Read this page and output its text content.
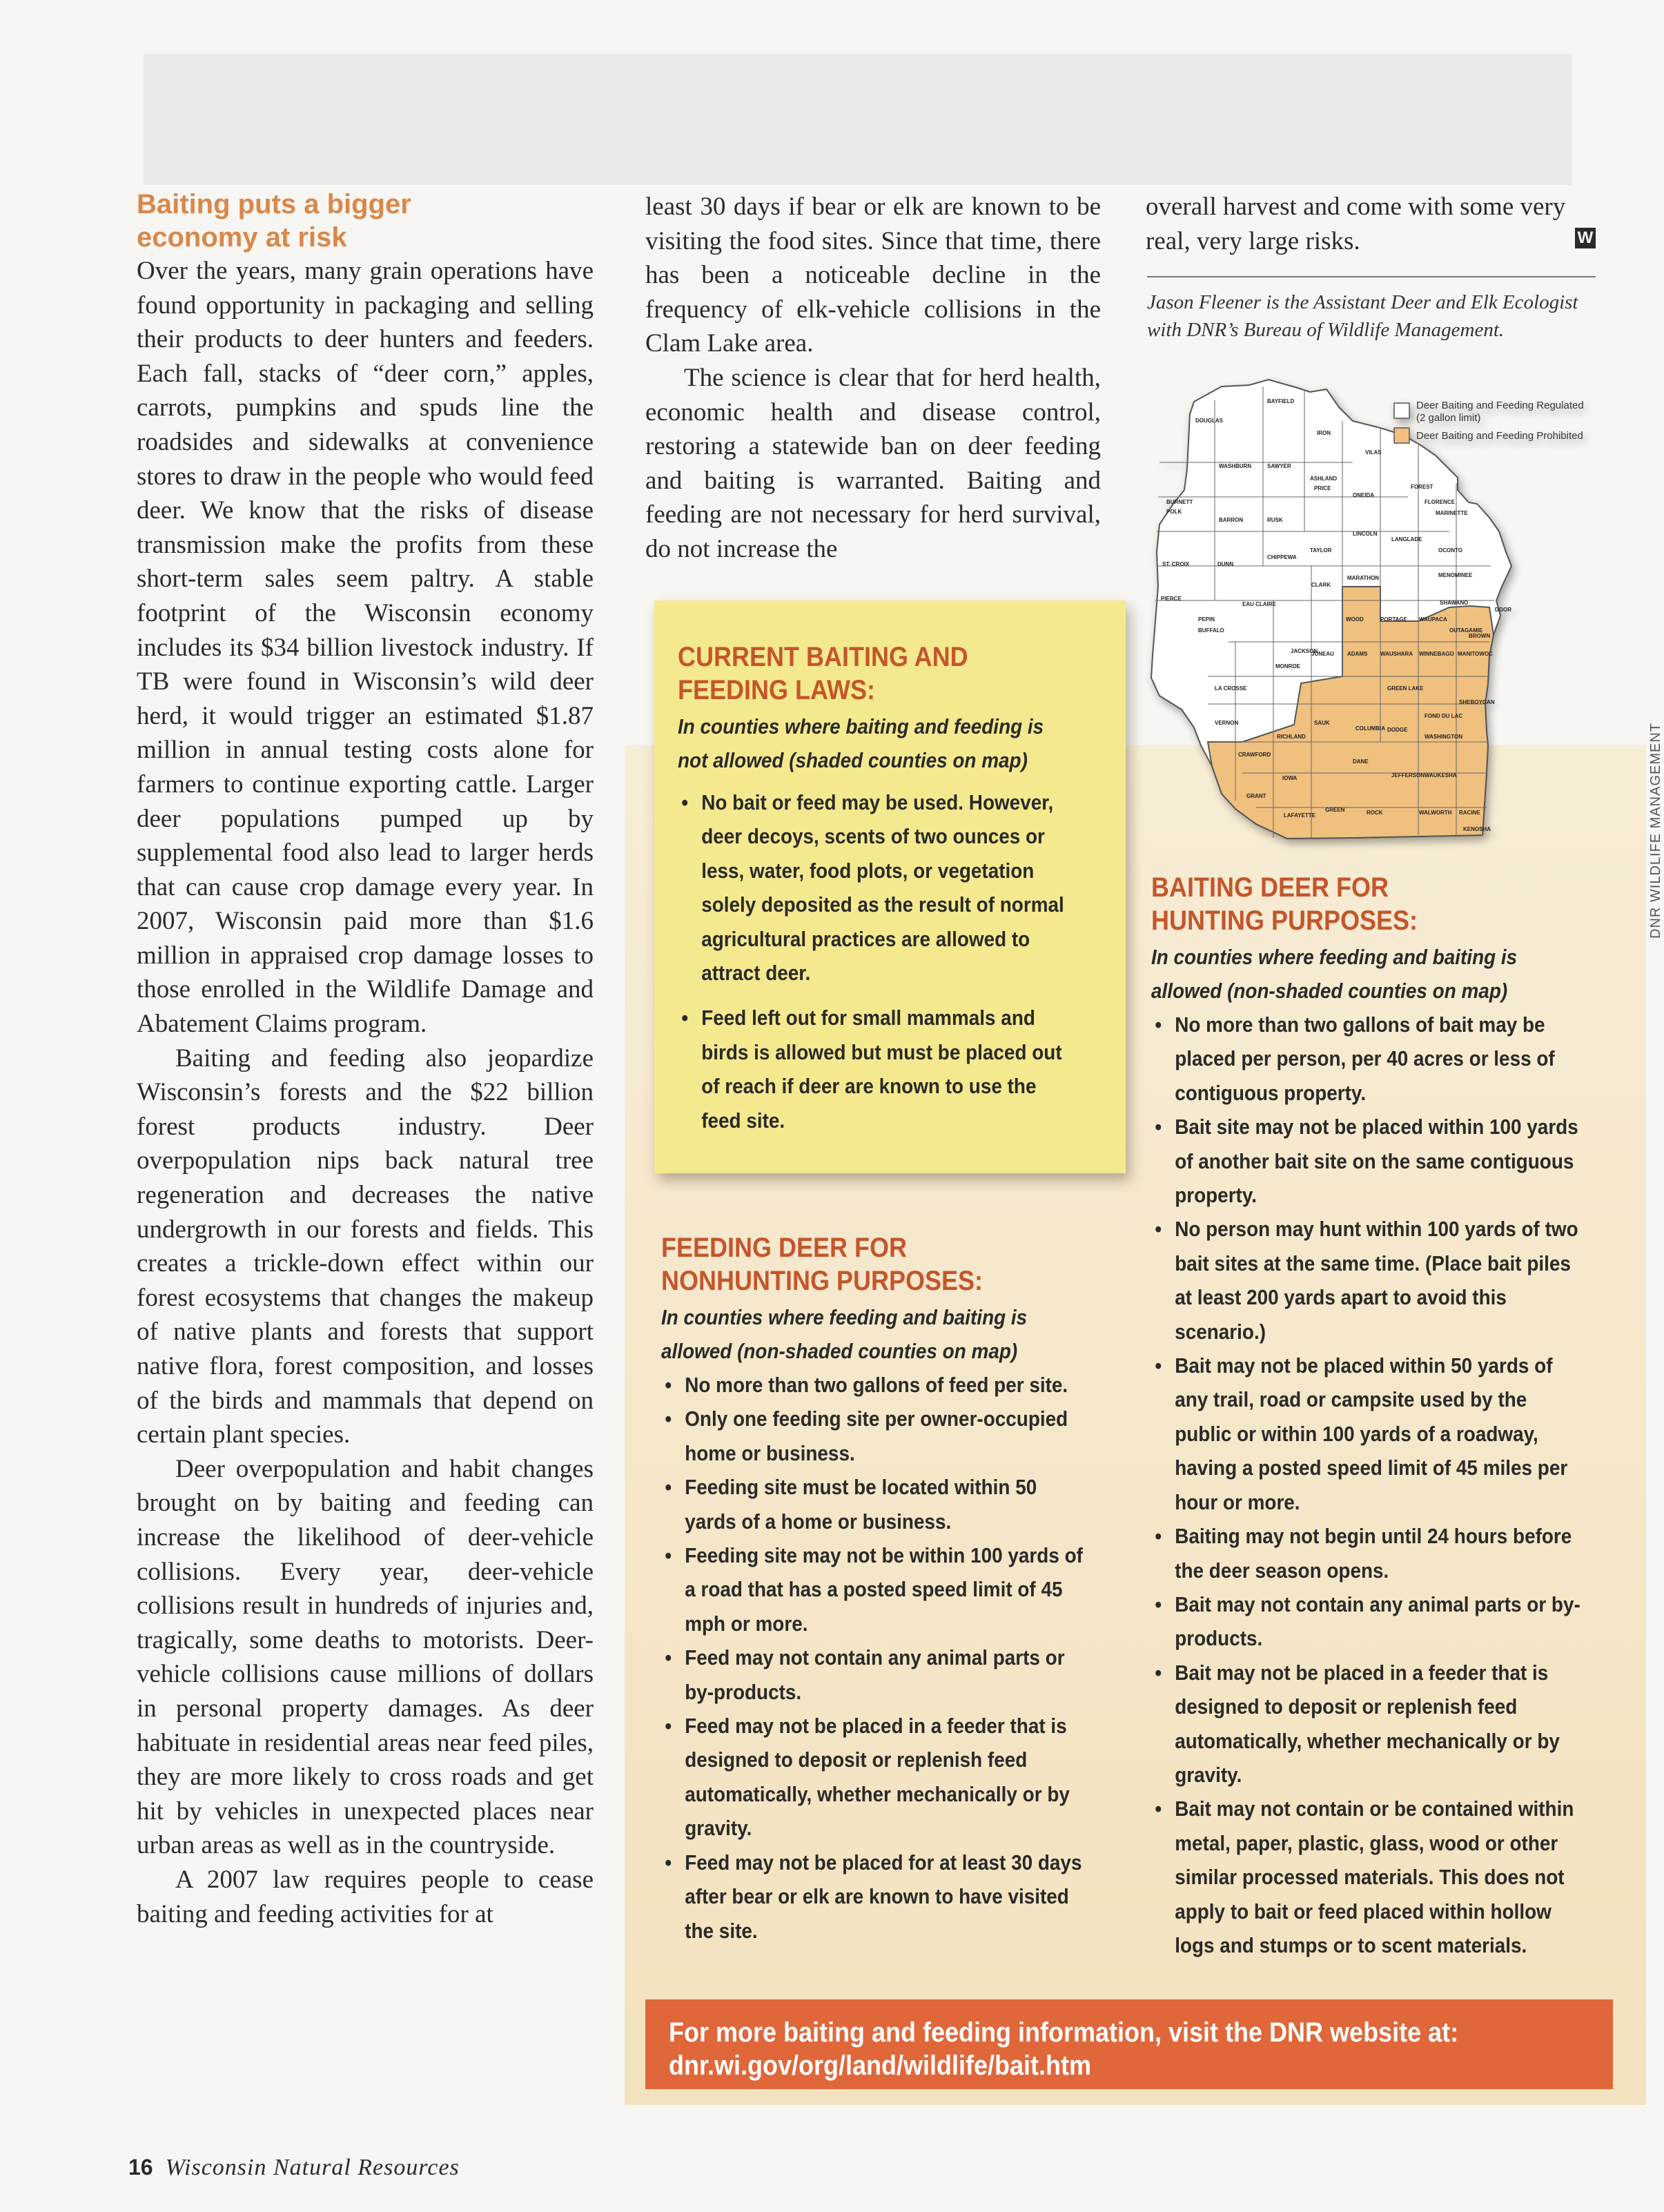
Baiting puts a bigger
economy at risk

Over the years, many grain operations have found opportunity in packaging and selling their products to deer hunters and feeders. Each fall, stacks of “deer corn,” apples, carrots, pumpkins and spuds line the roadsides and sidewalks at convenience stores to draw in the people who would feed deer. We know that the risks of disease transmission make the profits from these short-term sales seem paltry. A stable footprint of the Wisconsin economy includes its $34 billion livestock industry. If TB were found in Wisconsin’s wild deer herd, it would trigger an estimated $1.87 million in annual testing costs alone for farmers to continue exporting cattle. Larger deer populations pumped up by supplemental food also lead to larger herds that can cause crop damage every year. In 2007, Wisconsin paid more than $1.6 million in appraised crop damage losses to those enrolled in the Wildlife Damage and Abatement Claims program.

Baiting and feeding also jeopardize Wisconsin’s forests and the $22 billion forest products industry. Deer overpopulation nips back natural tree regeneration and decreases the native undergrowth in our forests and fields. This creates a trickle-down effect within our forest ecosystems that changes the makeup of native plants and forests that support native flora, forest composition, and losses of the birds and mammals that depend on certain plant species.

Deer overpopulation and habit changes brought on by baiting and feeding can increase the likelihood of deer-vehicle collisions. Every year, deer-vehicle collisions result in hundreds of injuries and, tragically, some deaths to motorists. Deer-vehicle collisions cause millions of dollars in personal property damages. As deer habituate in residential areas near feed piles, they are more likely to cross roads and get hit by vehicles in unexpected places near urban areas as well as in the countryside.

A 2007 law requires people to cease baiting and feeding activities for at

least 30 days if bear or elk are known to be visiting the food sites. Since that time, there has been a noticeable decline in the frequency of elk-vehicle collisions in the Clam Lake area.

The science is clear that for herd health, economic health and disease control, restoring a statewide ban on deer feeding and baiting is warranted. Baiting and feeding are not necessary for herd survival, do not increase the

overall harvest and come with some very real, very large risks.	W
Jason Fleener is the Assistant Deer and Elk Ecologist with DNR’s Bureau of Wildlife Management.
DOUGLAS
BAYFIELD
IRON
ASHLAND
VILAS
BURNETT
WASHBURN	SAWYER
PRICE
ONEIDA
FOREST
FLORENCE
MARINETTE
POLK
BARRON	RUSK
LINCOLN
LANGLADE
OCONTO
ST. CROIX	DUNN
CHIPPEWA
TAYLOR
CLARK
MARATHON	MENOMINEE
SHAWANO
DOOR
PIERCE
EAU CLAIRE
PEPIN
BUFFALO
WOOD	PORTAGE WAUPACA
OUTAGAMIE
BROWN
JACKSON
MONROE
JUNEAU ADAMS WAUSHARA WINNEBAGO MANITOWOC
LA CROSSE
VERNON
GREEN LAKE
FOND DU LAC
SHEBOYGAN
SAUK
COLUMBIA DODGE
WASHINGTON
RICHLAND
CRAWFORD
DANE
JEFFERSON WAUKESHA
IOWA
GRANT
LAFAYETTE
GREEN	ROCK	WALWORTH RACINE
KENOSHA
Deer Baiting and Feeding Regulated
(2 gallon limit)
Deer Baiting and Feeding Prohibited
CURRENT BAITING AND
FEEDING LAWS:
In counties where baiting and feeding is
not allowed (shaded counties on map)
• No bait or feed may be used. However, deer decoys, scents of two ounces or less, water, food plots, or vegetation solely deposited as the result of normal agricultural practices are allowed to attract deer.
• Feed left out for small mammals and birds is allowed but must be placed out of reach if deer are known to use the feed site.
FEEDING DEER FOR
NONHUNTING PURPOSES:
In counties where feeding and baiting is
allowed (non-shaded counties on map)
• No more than two gallons of feed per site.
• Only one feeding site per owner-occupied home or business.
• Feeding site must be located within 50 yards of a home or business.
• Feeding site may not be within 100 yards of a road that has a posted speed limit of 45 mph or more.
• Feed may not contain any animal parts or by-products.
• Feed may not be placed in a feeder that is designed to deposit or replenish feed automatically, whether mechanically or by gravity.
• Feed may not be placed for at least 30 days after bear or elk are known to have visited the site.
BAITING DEER FOR
HUNTING PURPOSES:
In counties where feeding and baiting is
allowed (non-shaded counties on map)
• No more than two gallons of bait may be placed per person, per 40 acres or less of contiguous property.
• Bait site may not be placed within 100 yards of another bait site on the same contiguous property.
• No person may hunt within 100 yards of two bait sites at the same time. (Place bait piles at least 200 yards apart to avoid this scenario.)
• Bait may not be placed within 50 yards of any trail, road or campsite used by the public or within 100 yards of a roadway, having a posted speed limit of 45 miles per hour or more.
• Baiting may not begin until 24 hours before the deer season opens.
• Bait may not contain any animal parts or by-products.
• Bait may not be placed in a feeder that is designed to deposit or replenish feed automatically, whether mechanically or by gravity.
• Bait may not contain or be contained within metal, paper, plastic, glass, wood or other similar processed materials. This does not apply to bait or feed placed within hollow logs and stumps or to scent materials.
For more baiting and feeding information, visit the DNR website at:
dnr.wi.gov/org/land/wildlife/bait.htm
16 Wisconsin Natural Resources
DNR WILDLIFE MANAGEMENT
